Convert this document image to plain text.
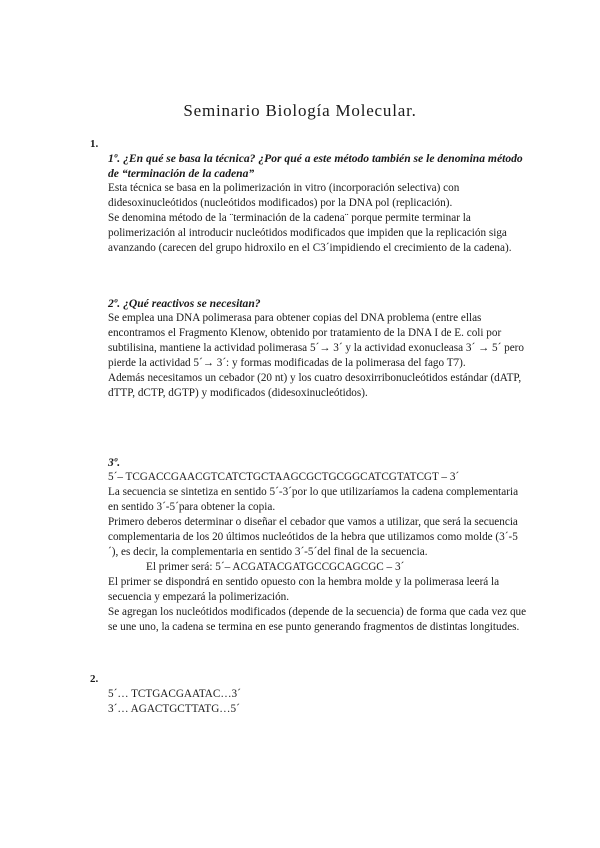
Seminario Biología Molecular.
1.

1º. ¿En qué se basa la técnica? ¿Por qué a este método también se le denomina método de “terminación de la cadena”

Esta técnica se basa en la polimerización in vitro (incorporación selectiva) con didesoxinucleótidos (nucleótidos modificados) por la DNA pol (replicación).

Se denomina método de la ¨terminación de la cadena¨ porque permite terminar la polimerización al introducir nucleótidos modificados que impiden que la replicación siga avanzando (carecen del grupo hidroxilo en el C3´impidiendo el crecimiento de la cadena).

2º. ¿Qué reactivos se necesitan?

Se emplea una DNA polimerasa para obtener copias del DNA problema (entre ellas encontramos el Fragmento Klenow, obtenido por tratamiento de la DNA I de E. coli por subtilisina, mantiene la actividad polimerasa 5´→ 3´ y la actividad exonucleasa 3´ → 5´ pero pierde la actividad 5´→ 3´: y formas modificadas de la polimerasa del fago T7).

Además necesitamos un cebador (20 nt) y los cuatro desoxirribonucleótidos estándar (dATP, dTTP, dCTP, dGTP) y modificados (didesoxinucleótidos).

3º.

5´– TCGACCGAACGTCATCTGCTAAGCGCTGCGGCATCGTATCGT – 3´

La secuencia se sintetiza en sentido 5´-3´por lo que utilizaríamos la cadena complementaria en sentido 3´-5´para obtener la copia.

Primero deberos determinar o diseñar el cebador que vamos a utilizar, que será la secuencia complementaria de los 20 últimos nucleótidos de la hebra que utilizamos como molde (3´-5´), es decir, la complementaria en sentido 3´-5´del final de la secuencia.

El primer será: 5´– ACGATACGATGCCGCAGCGC – 3´

El primer se dispondrá en sentido opuesto con la hembra molde y la polimerasa leerá la secuencia y empezará la polimerización.

Se agregan los nucleótidos modificados (depende de la secuencia) de forma que cada vez que se une uno, la cadena se termina en ese punto generando fragmentos de distintas longitudes.

2.

5´… TCTGACGAATAC…3´

3´… AGACTGCTTATG…5´
